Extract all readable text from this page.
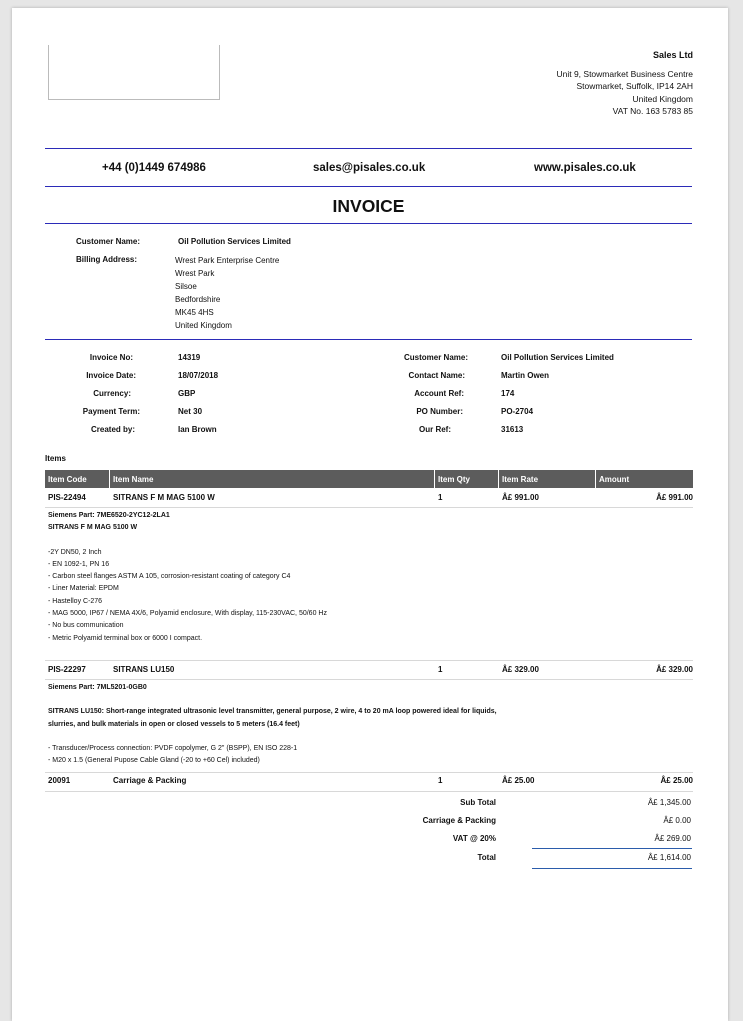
Sales Ltd
Unit 9, Stowmarket Business Centre
Stowmarket, Suffolk, IP14 2AH
United Kingdom
VAT No. 163 5783 85
+44 (0)1449 674986	sales@pisales.co.uk	www.pisales.co.uk
INVOICE
Customer Name:	Oil Pollution Services Limited
Billing Address:	Wrest Park Enterprise Centre
Wrest Park
Silsoe
Bedfordshire
MK45 4HS
United Kingdom
Invoice No:	14319
Invoice Date:	18/07/2018
Currency:	GBP
Payment Term:	Net 30
Created by:	Ian Brown
Customer Name:	Oil Pollution Services Limited
Contact Name:	Martin Owen
Account Ref:	174
PO Number:	PO-2704
Our Ref:	31613
Items
Item Code	Item Name	Item Qty	Item Rate	Amount
PIS-22494	SITRANS F M MAG 5100 W	1	Â£ 991.00	Â£ 991.00
Siemens Part: 7ME6520-2YC12-2LA1
SITRANS F M MAG 5100 W
-2Y DN50, 2 Inch
- EN 1092-1, PN 16
- Carbon steel flanges ASTM A 105, corrosion-resistant coating of category C4
- Liner Material: EPDM
- Hastelloy C-276
- MAG 5000, IP67 / NEMA 4X/6, Polyamid enclosure, With display, 115-230VAC, 50/60 Hz
- No bus communication
- Metric Polyamid terminal box or 6000 I compact.
PIS-22297	SITRANS LU150	1	Â£ 329.00	Â£ 329.00
Siemens Part: 7ML5201-0GB0
SITRANS LU150: Short-range integrated ultrasonic level transmitter, general purpose, 2 wire, 4 to 20 mA loop powered ideal for liquids,
slurries, and bulk materials in open or closed vessels to 5 meters (16.4 feet)
- Transducer/Process connection: PVDF copolymer, G 2" (BSPP), EN ISO 228-1
- M20 x 1.5 (General Pupose Cable Gland (-20 to +60 Cel) included)
20091	Carriage & Packing	1	Â£ 25.00	Â£ 25.00
Sub Total	Â£ 1,345.00
Carriage & Packing	Â£ 0.00
VAT @ 20%	Â£ 269.00
Total	Â£ 1,614.00
